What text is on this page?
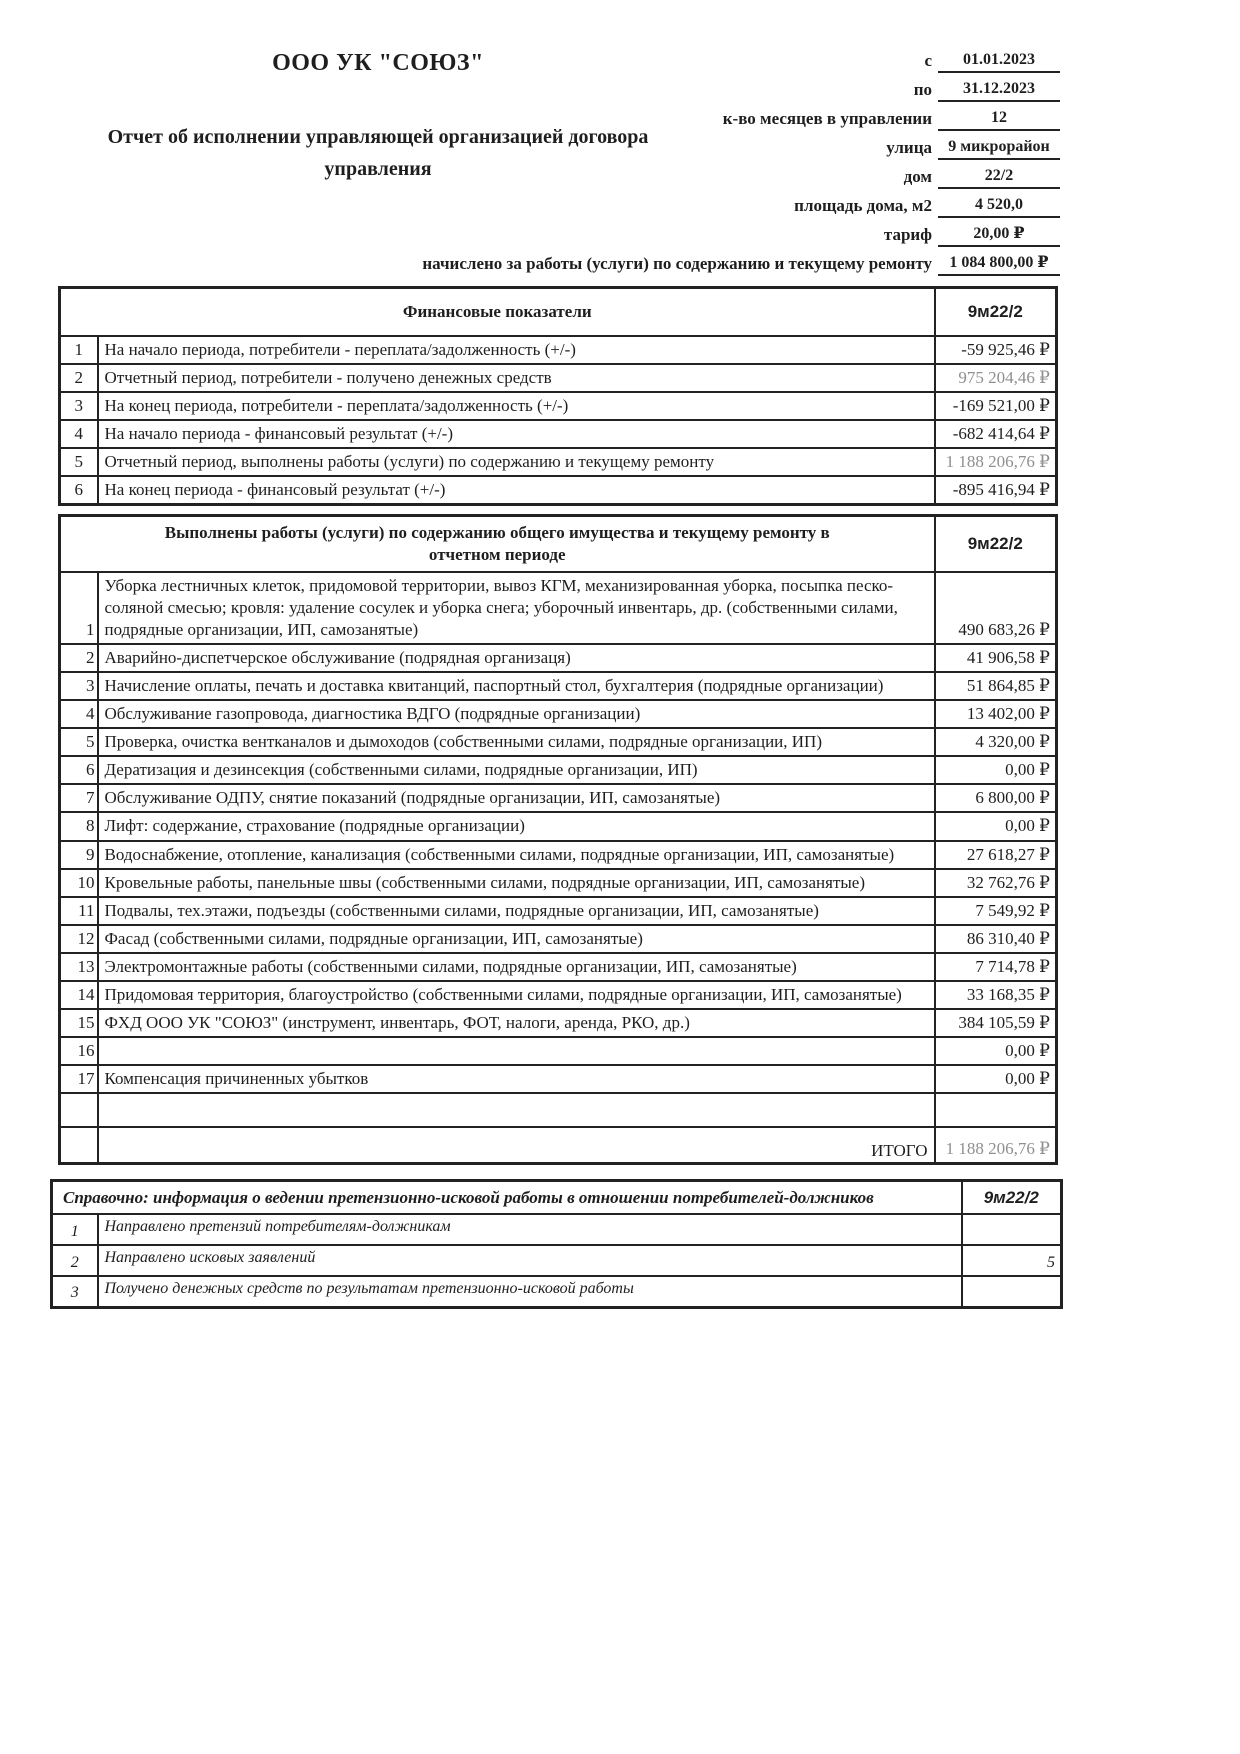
ООО УК "СОЮЗ"
Отчет об исполнении управляющей организацией договора управления
с	01.01.2023
по	31.12.2023
к-во месяцев в управлении	12
улица	9 микрорайон
дом	22/2
площадь дома, м2	4 520,0
тариф	20,00 ₽
начислено за работы (услуги) по содержанию и текущему ремонту	1 084 800,00 ₽
Финансовые показатели		9м22/2
1	На начало периода, потребители - переплата/задолженность (+/-)	-59 925,46 ₽
2	Отчетный период, потребители - получено денежных средств	975 204,46 ₽
3	На конец периода, потребители - переплата/задолженность (+/-)	-169 521,00 ₽
4	На начало периода - финансовый результат (+/-)	-682 414,64 ₽
5	Отчетный период, выполнены работы (услуги) по содержанию и текущему ремонту	1 188 206,76 ₽
6	На конец периода - финансовый результат (+/-)	-895 416,94 ₽
Выполнены работы (услуги) по содержанию общего имущества и текущему ремонту в отчетном периоде		9м22/2
1	Уборка лестничных клеток, придомовой территории, вывоз КГМ, механизированная уборка, посыпка песко-соляной смесью; кровля: удаление сосулек и уборка снега; уборочный инвентарь, др. (собственными силами, подрядные организации, ИП, самозанятые)	490 683,26 ₽
2	Аварийно-диспетчерское обслуживание (подрядная организаця)	41 906,58 ₽
3	Начисление оплаты, печать и доставка квитанций, паспортный стол, бухгалтерия (подрядные организации)	51 864,85 ₽
4	Обслуживание газопровода, диагностика ВДГО (подрядные организации)	13 402,00 ₽
5	Проверка, очистка вентканалов и дымоходов (собственными силами, подрядные организации, ИП)	4 320,00 ₽
6	Дератизация и дезинсекция (собственными силами, подрядные организации, ИП)	0,00 ₽
7	Обслуживание ОДПУ, снятие показаний (подрядные организации, ИП, самозанятые)	6 800,00 ₽
8	Лифт: содержание, страхование (подрядные организации)	0,00 ₽
9	Водоснабжение, отопление, канализация (собственными силами, подрядные организации, ИП, самозанятые)	27 618,27 ₽
10	Кровельные работы, панельные швы (собственными силами, подрядные организации, ИП, самозанятые)	32 762,76 ₽
11	Подвалы, тех.этажи, подъезды (собственными силами, подрядные организации, ИП, самозанятые)	7 549,92 ₽
12	Фасад (собственными силами, подрядные организации, ИП, самозанятые)	86 310,40 ₽
13	Электромонтажные работы (собственными силами, подрядные организации, ИП, самозанятые)	7 714,78 ₽
14	Придомовая территория, благоустройство (собственными силами, подрядные организации, ИП, самозанятые)	33 168,35 ₽
15	ФХД ООО УК "СОЮЗ" (инструмент, инвентарь, ФОТ, налоги, аренда, РКО, др.)	384 105,59 ₽
16		0,00 ₽
17	Компенсация причиненных убытков	0,00 ₽

	ИТОГО	1 188 206,76 ₽
Справочно: информация о ведении претензионно-исковой работы в отношении потребителей-должников		9м22/2
1	Направлено претензий потребителям-должникам	
2	Направлено исковых заявлений	5
3	Получено денежных средств по результатам претензионно-исковой работы	
